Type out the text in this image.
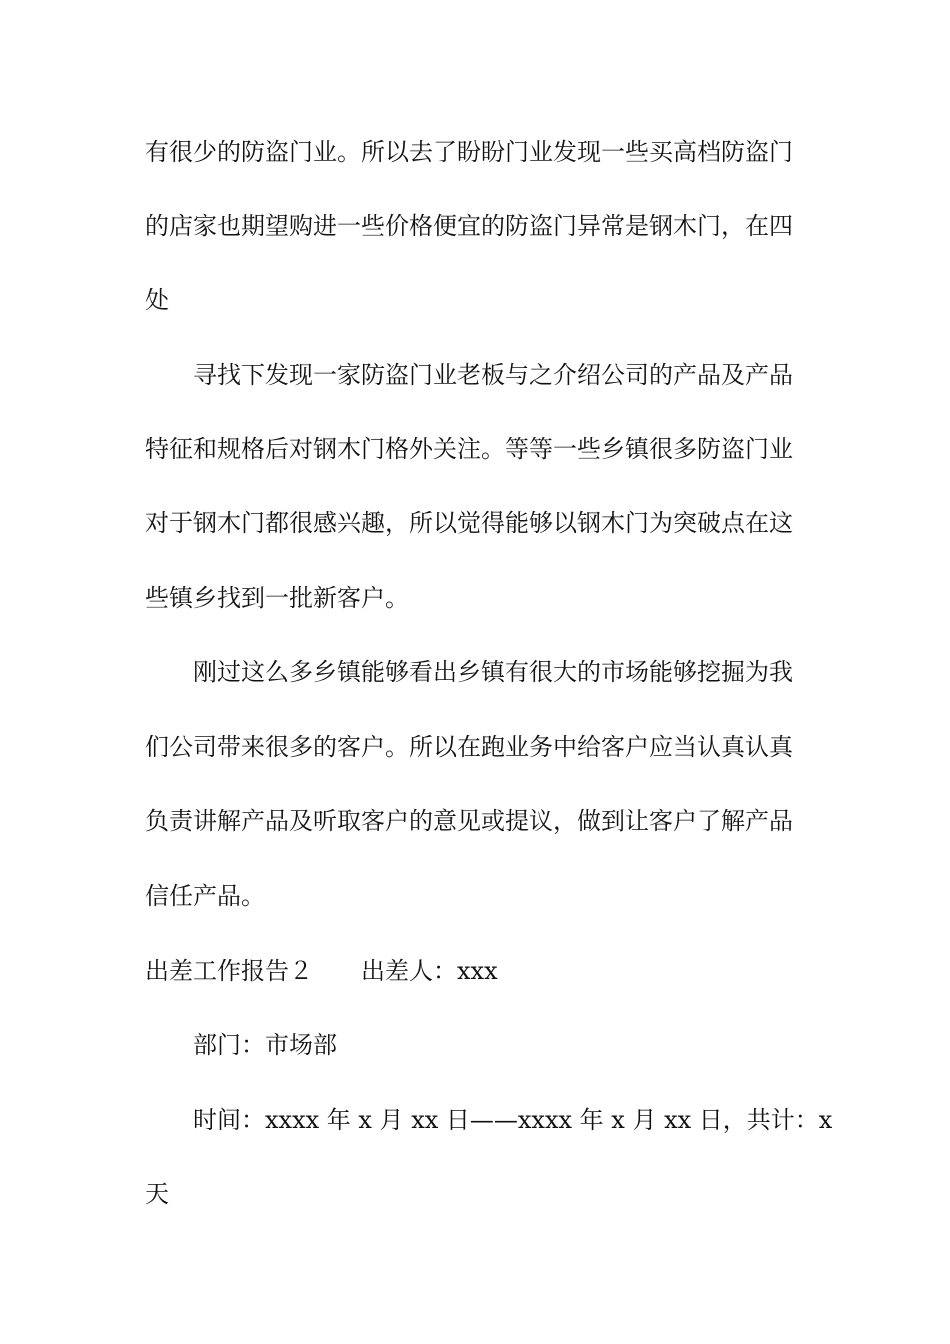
有很少的防盗门业。所以去了盼盼门业发现一些买高档防盗门
的店家也期望购进一些价格便宜的防盗门异常是钢木门，在四
处
寻找下发现一家防盗门业老板与之介绍公司的产品及产品
特征和规格后对钢木门格外关注。等等一些乡镇很多防盗门业
对于钢木门都很感兴趣，所以觉得能够以钢木门为突破点在这
些镇乡找到一批新客户。
刚过这么多乡镇能够看出乡镇有很大的市场能够挖掘为我
们公司带来很多的客户。所以在跑业务中给客户应当认真认真
负责讲解产品及听取客户的意见或提议，做到让客户了解产品
信任产品。
出差工作报告２　　出差人：xxx
部门：市场部
时间：xxxx 年 x 月 xx 日——xxxx 年 x 月 xx 日，共计：x
天
